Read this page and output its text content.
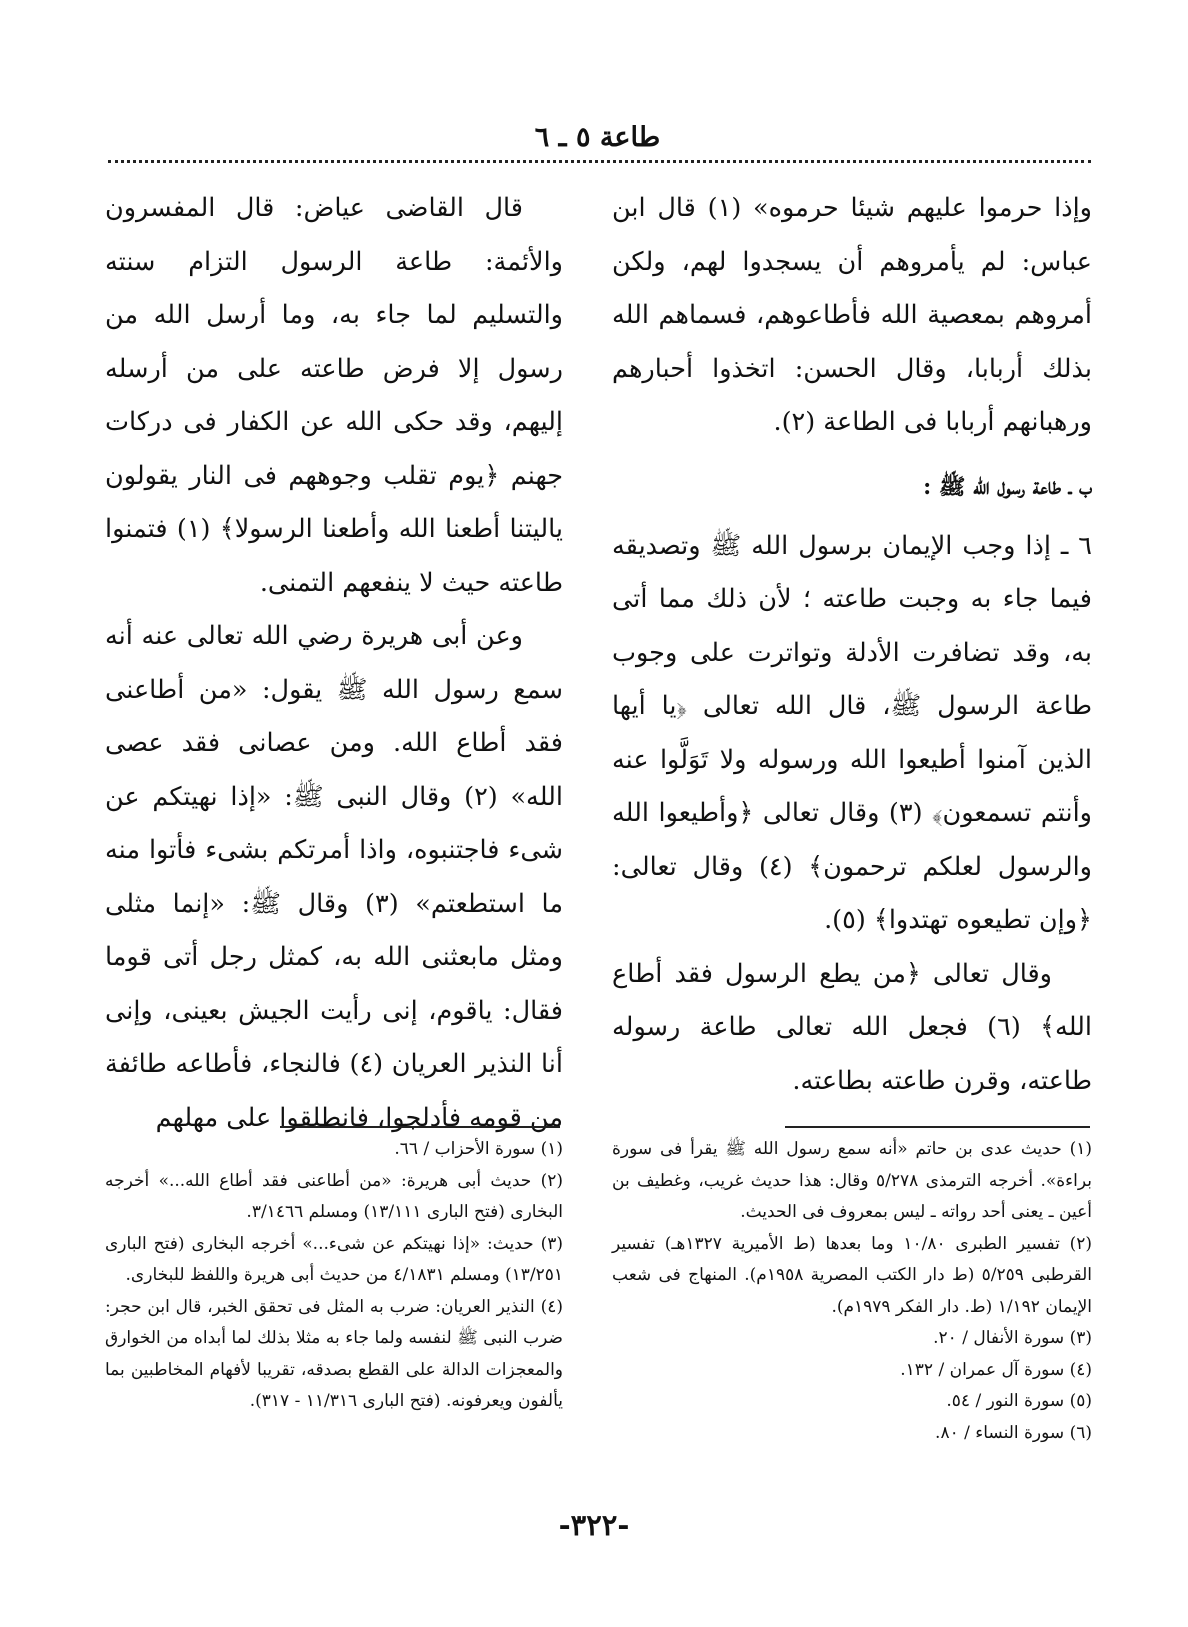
طاعة ٥ ـ ٦

وإذا حرموا عليهم شيئا حرموه» (١) قال ابن عباس: لم يأمروهم أن يسجدوا لهم، ولكن أمروهم بمعصية الله فأطاعوهم، فسماهم الله بذلك أربابا، وقال الحسن: اتخذوا أحبارهم ورهبانهم أربابا فى الطاعة (٢).

ب ـ طاعة رسول الله ﷺ :

٦ ـ إذا وجب الإيمان برسول الله ﷺ وتصديقه فيما جاء به وجبت طاعته ؛ لأن ذلك مما أتى به، وقد تضافرت الأدلة وتواترت على وجوب طاعة الرسول ﷺ، قال الله تعالى ﴿يا أيها الذين آمنوا أطيعوا الله ورسوله ولا تَوَلَّوا عنه وأنتم تسمعون﴾ (٣) وقال تعالى ﴿وأطيعوا الله والرسول لعلكم ترحمون﴾ (٤) وقال تعالى: ﴿وإن تطيعوه تهتدوا﴾ (٥).

وقال تعالى ﴿من يطع الرسول فقد أطاع الله﴾ (٦) فجعل الله تعالى طاعة رسوله طاعته، وقرن طاعته بطاعته.

قال القاضى عياض: قال المفسرون والأئمة: طاعة الرسول التزام سنته والتسليم لما جاء به، وما أرسل الله من رسول إلا فرض طاعته على من أرسله إليهم، وقد حكى الله عن الكفار فى دركات جهنم ﴿يوم تقلب وجوههم فى النار يقولون ياليتنا أطعنا الله وأطعنا الرسولا﴾ (١) فتمنوا طاعته حيث لا ينفعهم التمنى.

وعن أبى هريرة رضي الله تعالى عنه أنه سمع رسول الله ﷺ يقول: «من أطاعنى فقد أطاع الله. ومن عصانى فقد عصى الله» (٢) وقال النبى ﷺ: «إذا نهيتكم عن شىء فاجتنبوه، واذا أمرتكم بشىء فأتوا منه ما استطعتم» (٣) وقال ﷺ: «إنما مثلى ومثل مابعثنى الله به، كمثل رجل أتى قوما فقال: ياقوم، إنى رأيت الجيش بعينى، وإنى أنا النذير العريان (٤) فالنجاء، فأطاعه طائفة من قومه فأدلجوا، فانطلقوا على مهلهم

(١) حديث عدى بن حاتم «أنه سمع رسول الله ﷺ يقرأ فى سورة براءة». أخرجه الترمذى ٥/٢٧٨ وقال: هذا حديث غريب، وغطيف بن أعين ـ يعنى أحد رواته ـ ليس بمعروف فى الحديث.

(٢) تفسير الطبرى ١٠/٨٠ وما بعدها (ط الأميرية ١٣٢٧هـ) تفسير القرطبى ٥/٢٥٩ (ط دار الكتب المصرية ١٩٥٨م). المنهاج فى شعب الإيمان ١/١٩٢ (ط. دار الفكر ١٩٧٩م).

(٣) سورة الأنفال / ٢٠.

(٤) سورة آل عمران / ١٣٢.

(٥) سورة النور / ٥٤.

(٦) سورة النساء / ٨٠.

(١) سورة الأحزاب / ٦٦.

(٢) حديث أبى هريرة: «من أطاعنى فقد أطاع الله...» أخرجه البخارى (فتح البارى ١٣/١١١) ومسلم ٣/١٤٦٦.

(٣) حديث: «إذا نهيتكم عن شىء...» أخرجه البخارى (فتح البارى ١٣/٢٥١) ومسلم ٤/١٨٣١ من حديث أبى هريرة واللفظ للبخارى.

(٤) النذير العريان: ضرب به المثل فى تحقق الخبر، قال ابن حجر: ضرب النبى ﷺ لنفسه ولما جاء به مثلا بذلك لما أبداه من الخوارق والمعجزات الدالة على القطع بصدقه، تقريبا لأفهام المخاطبين بما يألفون ويعرفونه. (فتح البارى ١١/٣١٦ - ٣١٧).

-٣٢٢-
